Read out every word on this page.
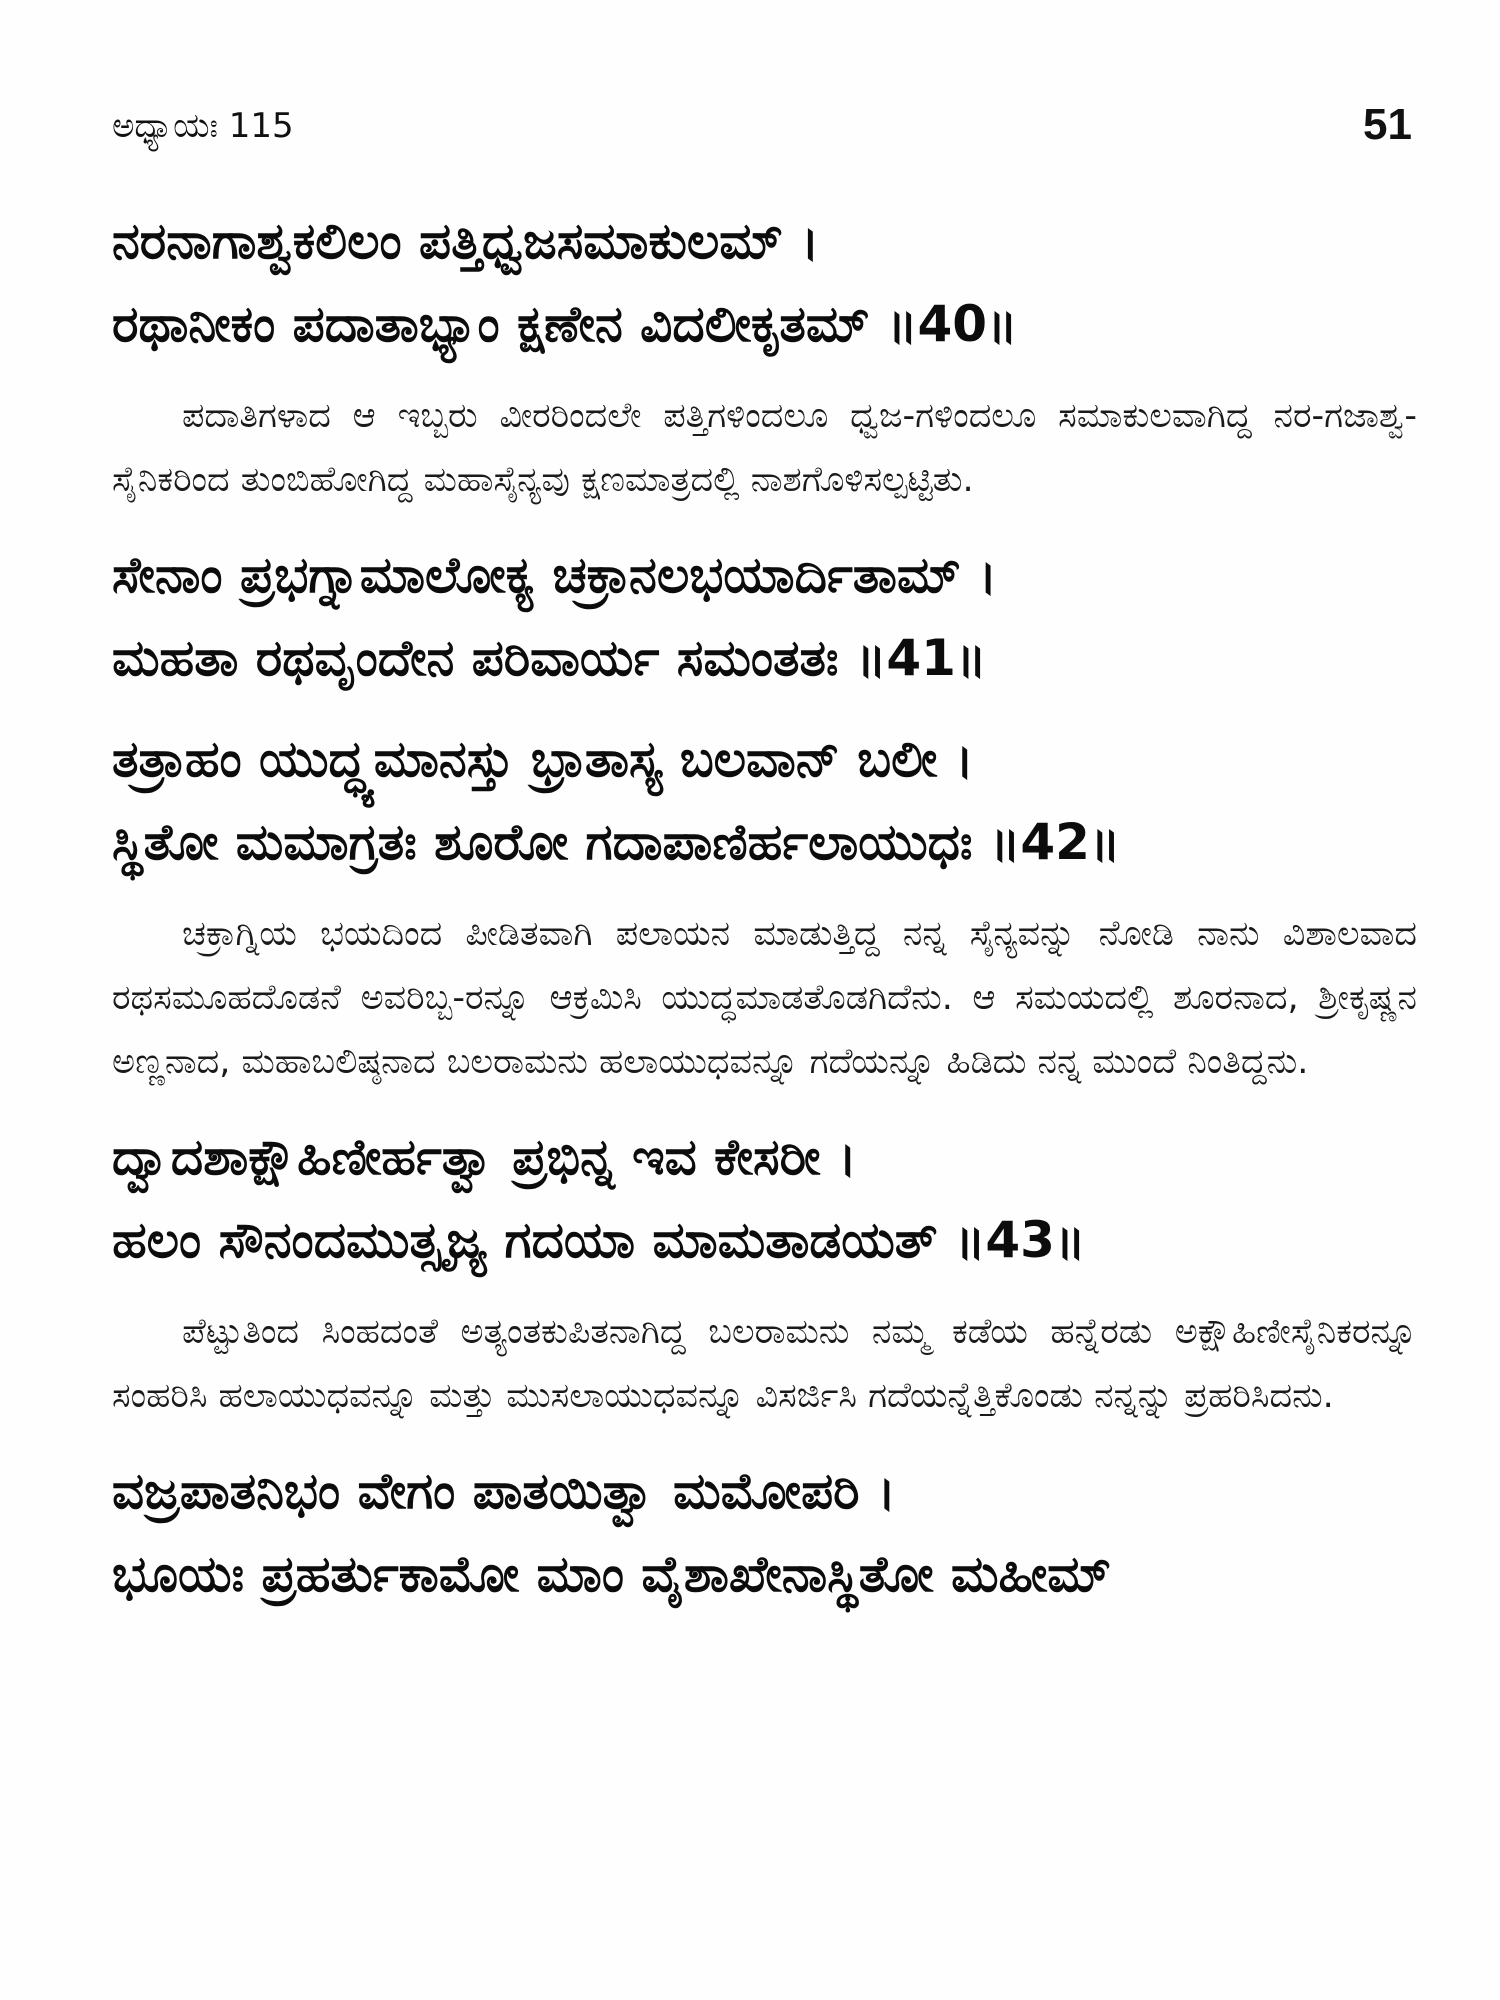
ಅಧ್ಯಾಯಃ 115	51
ನರನಾಗಾಶ್ವಕಲಿಲಂ ಪತ್ತಿಧ್ವಜಸಮಾಕುಲಮ್ ।
ರಥಾನೀಕಂ ಪದಾತಾಭ್ಯಾಂ ಕ್ಷಣೇನ ವಿದಲೀಕೃತಮ್ ॥40॥

ಪದಾತಿಗಳಾದ ಆ ಇಬ್ಬರು ವೀರರಿಂದಲೇ ಪತ್ತಿಗಳಿಂದಲೂ ಧ್ವಜ-ಗಳಿಂದಲೂ ಸಮಾಕುಲವಾಗಿದ್ದ ನರ-ಗಜಾಶ್ವ-ಸೈನಿಕರಿಂದ ತುಂಬಿಹೋಗಿದ್ದ ಮಹಾಸೈನ್ಯವು ಕ್ಷಣಮಾತ್ರದಲ್ಲಿ ನಾಶಗೊಳಿಸಲ್ಪಟ್ಟಿತು.

ಸೇನಾಂ ಪ್ರಭಗ್ನಾಮಾಲೋಕ್ಯ ಚಕ್ರಾನಲಭಯಾರ್ದಿತಾಮ್ ।
ಮಹತಾ ರಥವೃಂದೇನ ಪರಿವಾರ್ಯ ಸಮಂತತಃ ॥41॥
ತತ್ರಾಹಂ ಯುದ್ಧ್ಯಮಾನಸ್ತು ಭ್ರಾತಾಸ್ಯ ಬಲವಾನ್ ಬಲೀ ।
ಸ್ಥಿತೋ ಮಮಾಗ್ರತಃ ಶೂರೋ ಗದಾಪಾಣಿರ್ಹಲಾಯುಧಃ ॥42॥

ಚಕ್ರಾಗ್ನಿಯ ಭಯದಿಂದ ಪೀಡಿತವಾಗಿ ಪಲಾಯನ ಮಾಡುತ್ತಿದ್ದ ನನ್ನ ಸೈನ್ಯವನ್ನು ನೋಡಿ ನಾನು ವಿಶಾಲವಾದ ರಥಸಮೂಹದೊಡನೆ ಅವರಿಬ್ಬ-ರನ್ನೂ ಆಕ್ರಮಿಸಿ ಯುದ್ಧಮಾಡತೊಡಗಿದೆನು. ಆ ಸಮಯದಲ್ಲಿ ಶೂರನಾದ, ಶ್ರೀಕೃಷ್ಣನ ಅಣ್ಣನಾದ, ಮಹಾಬಲಿಷ್ಠನಾದ ಬಲರಾಮನು ಹಲಾಯುಧವನ್ನೂ ಗದೆಯನ್ನೂ ಹಿಡಿದು ನನ್ನ ಮುಂದೆ ನಿಂತಿದ್ದನು.

ದ್ವಾದಶಾಕ್ಷೌಹಿಣೀರ್ಹತ್ವಾ ಪ್ರಭಿನ್ನ ಇವ ಕೇಸರೀ ।
ಹಲಂ ಸೌನಂದಮುತ್ಸೃಜ್ಯ ಗದಯಾ ಮಾಮತಾಡಯತ್ ॥43॥

ಪೆಟ್ಟುತಿಂದ ಸಿಂಹದಂತೆ ಅತ್ಯಂತಕುಪಿತನಾಗಿದ್ದ ಬಲರಾಮನು ನಮ್ಮ ಕಡೆಯ ಹನ್ನೆರಡು ಅಕ್ಷೌಹಿಣೀಸೈನಿಕರನ್ನೂ ಸಂಹರಿಸಿ ಹಲಾಯುಧವನ್ನೂ ಮತ್ತು ಮುಸಲಾಯುಧವನ್ನೂ ವಿಸರ್ಜಿಸಿ ಗದೆಯನ್ನೆತ್ತಿಕೊಂಡು ನನ್ನನ್ನು ಪ್ರಹರಿಸಿದನು.

ವಜ್ರಪಾತನಿಭಂ ವೇಗಂ ಪಾತಯಿತ್ವಾ ಮಮೋಪರಿ ।
ಭೂಯಃ ಪ್ರಹರ್ತುಕಾಮೋ ಮಾಂ ವೈಶಾಖೇನಾಸ್ಥಿತೋ ಮಹೀಮ್
